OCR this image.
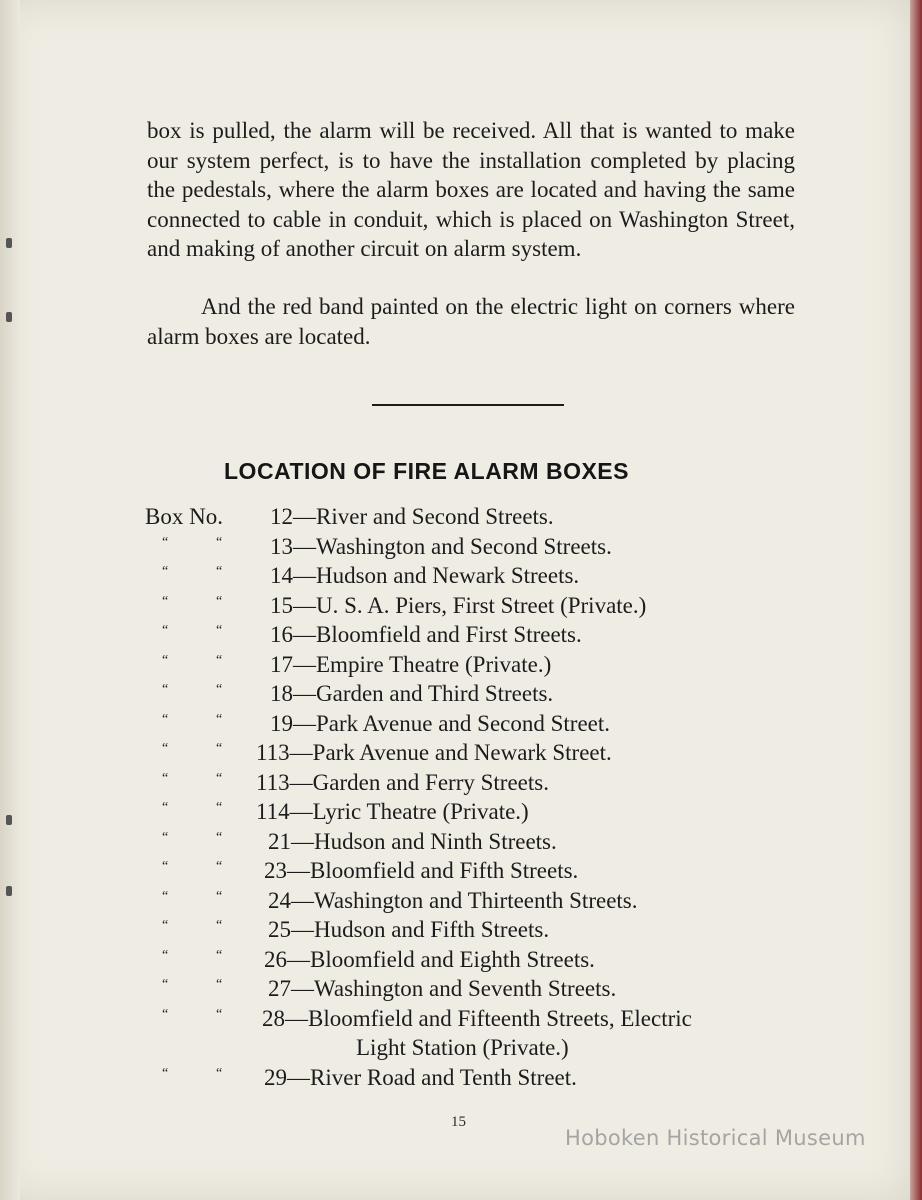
box is pulled, the alarm will be received. All that is wanted to make our system perfect, is to have the installation completed by placing the pedestals, where the alarm boxes are located and having the same connected to cable in conduit, which is placed on Washington Street, and making of another circuit on alarm system.

And the red band painted on the electric light on corners where alarm boxes are located.

LOCATION OF FIRE ALARM BOXES
Box No. 12—River and Second Streets.
“	“ 13—Washington and Second Streets.
“	“ 14—Hudson and Newark Streets.
“	“ 15—U. S. A. Piers, First Street (Private.)
“	“ 16—Bloomfield and First Streets.
“	“ 17—Empire Theatre (Private.)
“	“ 18—Garden and Third Streets.
“	“ 19—Park Avenue and Second Street.
“	“ 113—Park Avenue and Newark Street.
“	“ 113—Garden and Ferry Streets.
“	“ 114—Lyric Theatre (Private.)
“	“ 21—Hudson and Ninth Streets.
“	“ 23—Bloomfield and Fifth Streets.
“	“ 24—Washington and Thirteenth Streets.
“	“ 25—Hudson and Fifth Streets.
“	“ 26—Bloomfield and Eighth Streets.
“	“ 27—Washington and Seventh Streets.
“	“ 28—Bloomfield and Fifteenth Streets, Electric
Light Station (Private.)
“	“ 29—River Road and Tenth Street.
15
Hoboken Historical Museum
